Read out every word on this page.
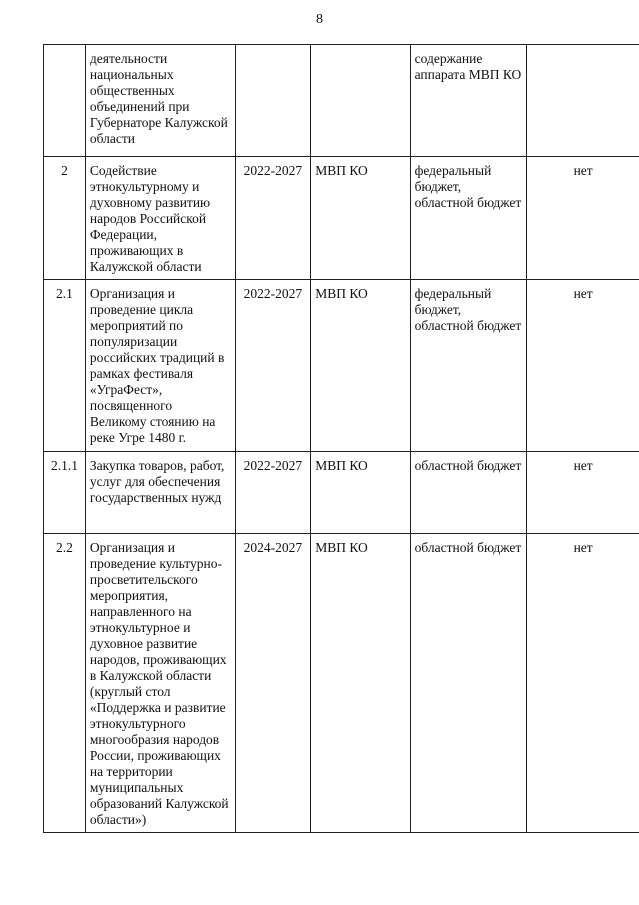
8
	деятельности национальных общественных объединений при Губернаторе Калужской области			содержание аппарата МВП КО	
2	Содействие этнокультурному и духовному развитию народов Российской Федерации, проживающих в Калужской области	2022-2027	МВП КО	федеральный бюджет, областной бюджет	нет
2.1	Организация и проведение цикла мероприятий по популяризации российских традиций в рамках фестиваля «УграФест», посвященного Великому стоянию на реке Угре 1480 г.	2022-2027	МВП КО	федеральный бюджет, областной бюджет	нет
2.1.1	Закупка товаров, работ, услуг для обеспечения государственных нужд	2022-2027	МВП КО	областной бюджет	нет
2.2	Организация и проведение культурно-просветительского мероприятия, направленного на этнокультурное и духовное развитие народов, проживающих в Калужской области (круглый стол «Поддержка и развитие этнокультурного многообразия народов России, проживающих на территории муниципальных образований Калужской области»)	2024-2027	МВП КО	областной бюджет	нет
